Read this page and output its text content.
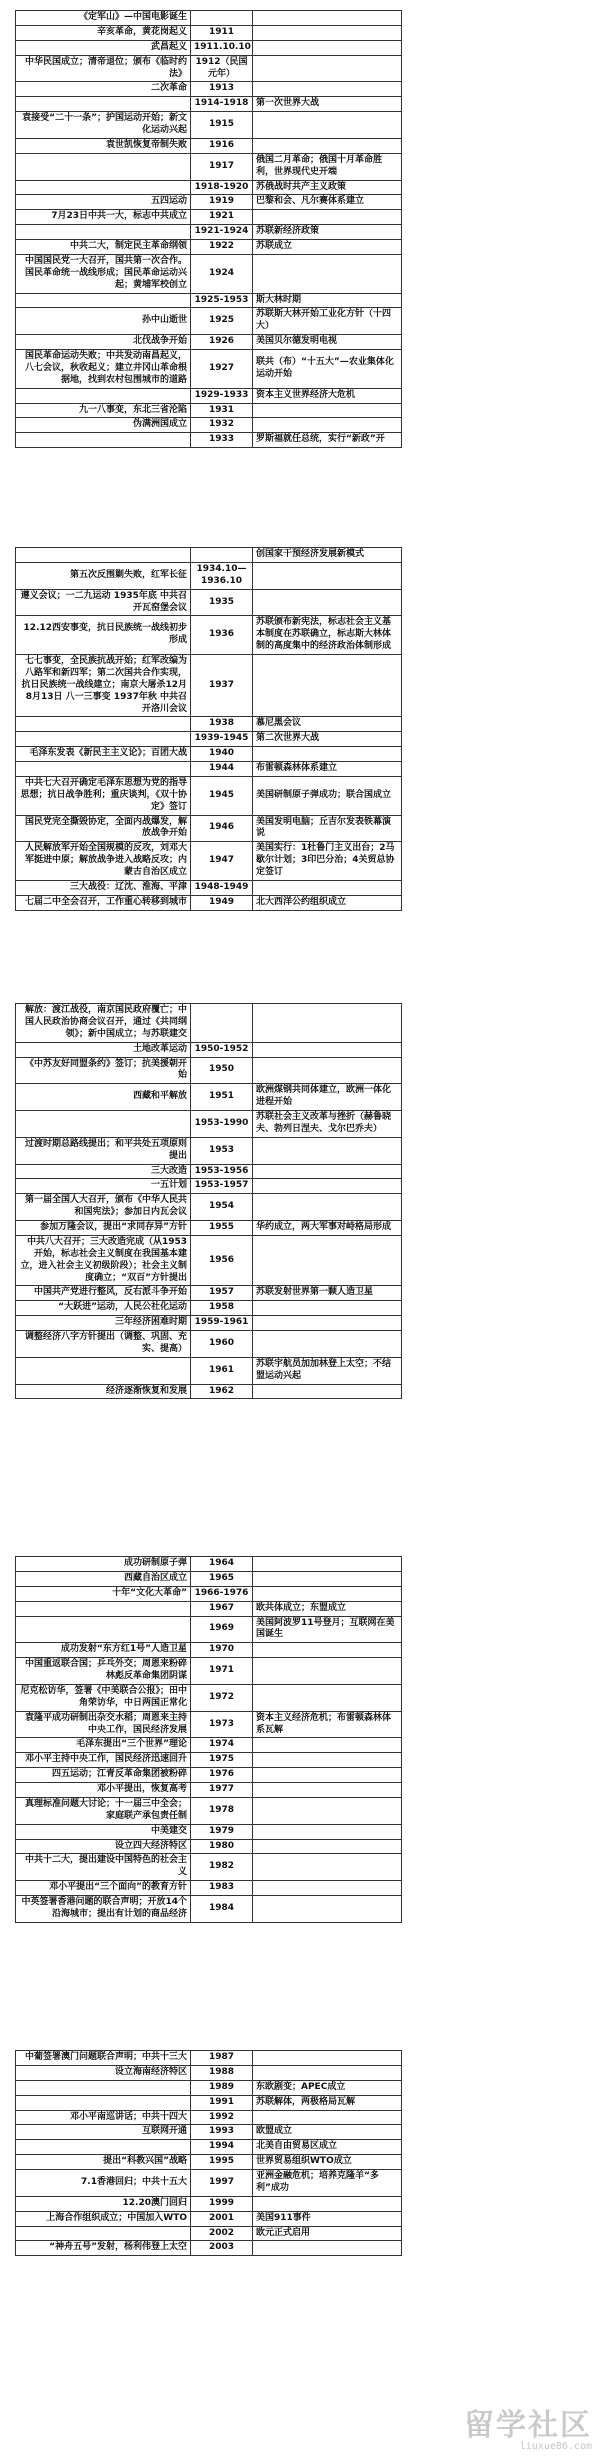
《定军山》—中国电影诞生		
辛亥革命，黄花岗起义	1911	
武昌起义	1911.10.10	
中华民国成立；清帝退位；颁布《临时约法》	1912（民国元年）	
二次革命	1913	
	1914-1918	第一次世界大战
袁接受“二十一条”；护国运动开始；新文化运动兴起	1915	
袁世凯恢复帝制失败	1916	
	1917	俄国二月革命；俄国十月革命胜利，世界现代史开端
	1918-1920	苏俄战时共产主义政策
五四运动	1919	巴黎和会、凡尔赛体系建立
7月23日中共一大，标志中共成立	1921	
	1921-1924	苏联新经济政策
中共二大，制定民主革命纲领	1922	苏联成立
中国国民党一大召开，国共第一次合作。国民革命统一战线形成；国民革命运动兴起；黄埔军校创立	1924	
	1925-1953	斯大林时期
孙中山逝世	1925	苏联斯大林开始工业化方针（十四大）
北伐战争开始	1926	美国贝尔德发明电视
国民革命运动失败；中共发动南昌起义，八七会议，秋收起义；建立井冈山革命根据地，找到农村包围城市的道路	1927	联共（布）“十五大”—农业集体化运动开始
	1929-1933	资本主义世界经济大危机
九一八事变，东北三省沦陷	1931	
伪满洲国成立	1932	
	1933	罗斯福就任总统，实行“新政”开
		创国家干预经济发展新模式
第五次反围剿失败，红军长征	1934.10—1936.10	
遵义会议；一二九运动 1935年底 中共召开瓦窑堡会议	1935	
12.12西安事变，抗日民族统一战线初步形成	1936	苏联颁布新宪法，标志社会主义基本制度在苏联确立，标志斯大林体制的高度集中的经济政治体制形成
七七事变，全民族抗战开始；红军改编为八路军和新四军；第二次国共合作实现，抗日民族统一战线建立；南京大屠杀12月 8月13日 八一三事变 1937年秋 中共召开洛川会议	1937	
	1938	慕尼黑会议
	1939-1945	第二次世界大战
毛泽东发表《新民主主义论》；百团大战	1940	
	1944	布雷顿森林体系建立
中共七大召开确定毛泽东思想为党的指导思想；抗日战争胜利；重庆谈判，《双十协定》签订	1945	美国研制原子弹成功；联合国成立
国民党完全撕毁协定，全面内战爆发，解放战争开始	1946	美国发明电脑；丘吉尔发表铁幕演说
人民解放军开始全国规模的反攻，刘邓大军挺进中原；解放战争进入战略反攻；内蒙古自治区成立	1947	美国实行：1杜鲁门主义出台；2马歇尔计划；3印巴分治；4关贸总协定签订
三大战役：辽沈、淮海、平津	1948-1949	
七届二中全会召开，工作重心转移到城市	1949	北大西洋公约组织成立
解放：渡江战役，南京国民政府覆亡；中国人民政治协商会议召开，通过《共同纲领》；新中国成立；与苏联建交		
土地改革运动	1950-1952	
《中苏友好同盟条约》签订；抗美援朝开始	1950	
西藏和平解放	1951	欧洲煤钢共同体建立，欧洲一体化进程开始
	1953-1990	苏联社会主义改革与挫折（赫鲁晓夫、勃列日涅夫、戈尔巴乔夫）
过渡时期总路线提出；和平共处五项原则提出	1953	
三大改造	1953-1956	
一五计划	1953-1957	
第一届全国人大召开，颁布《中华人民共和国宪法》；参加日内瓦会议	1954	
参加万隆会议，提出“求同存异”方针	1955	华约成立，两大军事对峙格局形成
中共八大召开；三大改造完成（从1953开始，标志社会主义制度在我国基本建立，进入社会主义初级阶段）；社会主义制度确立；“双百”方针提出	1956	
中国共产党进行整风，反右派斗争开始	1957	苏联发射世界第一颗人造卫星
“大跃进”运动，人民公社化运动	1958	
三年经济困难时期	1959-1961	
调整经济八字方针提出（调整、巩固、充实、提高）	1960	
	1961	苏联宇航员加加林登上太空；不结盟运动兴起
经济逐渐恢复和发展	1962	
成功研制原子弹	1964	
西藏自治区成立	1965	
十年“文化大革命”	1966-1976	
	1967	欧共体成立；东盟成立
	1969	美国阿波罗11号登月；互联网在美国诞生
成功发射“东方红1号”人造卫星	1970	
中国重返联合国；乒乓外交；周恩来粉碎林彪反革命集团阴谋	1971	
尼克松访华，签署《中美联合公报》；田中角荣访华，中日两国正常化	1972	
袁隆平成功研制出杂交水稻；周恩来主持中央工作，国民经济发展	1973	资本主义经济危机；布雷顿森林体系瓦解
毛泽东提出“三个世界”理论	1974	
邓小平主持中央工作，国民经济迅速回升	1975	
四五运动；江青反革命集团被粉碎	1976	
邓小平提出，恢复高考	1977	
真理标准问题大讨论；十一届三中全会；家庭联产承包责任制	1978	
中美建交	1979	
设立四大经济特区	1980	
中共十二大，提出建设中国特色的社会主义	1982	
邓小平提出“三个面向”的教育方针	1983	
中英签署香港问题的联合声明；开放14个沿海城市；提出有计划的商品经济	1984	
中葡签署澳门问题联合声明；中共十三大	1987	
设立海南经济特区	1988	
	1989	东欧剧变；APEC成立
	1991	苏联解体，两极格局瓦解
邓小平南巡讲话；中共十四大	1992	
互联网开通	1993	欧盟成立
	1994	北美自由贸易区成立
提出“科教兴国”战略	1995	世界贸易组织WTO成立
7.1香港回归；中共十五大	1997	亚洲金融危机；培养克隆羊“多利”成功
12.20澳门回归	1999	
上海合作组织成立；中国加入WTO	2001	美国911事件
	2002	欧元正式启用
“神舟五号”发射，杨利伟登上太空	2003	
留学社区
liuxue86.com
